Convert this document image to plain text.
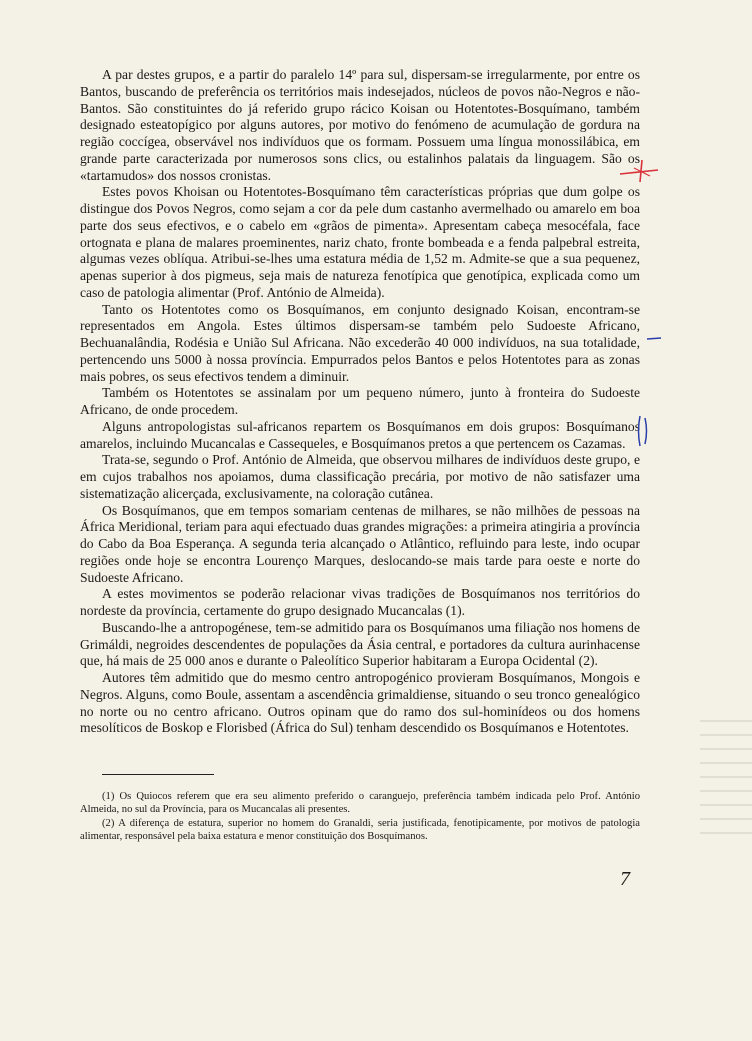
A par destes grupos, e a partir do paralelo 14º para sul, dispersam-se irregularmente, por entre os Bantos, buscando de preferência os territórios mais indesejados, núcleos de povos não-Negros e não-Bantos. São constituintes do já referido grupo rácico Koisan ou Hotentotes-Bosquímano, também designado esteatopígico por alguns autores, por motivo do fenómeno de acumulação de gordura na região coccígea, observável nos indivíduos que os formam. Possuem uma língua monossilábica, em grande parte caracterizada por numerosos sons clics, ou estalinhos palatais da linguagem. São os «tartamudos» dos nossos cronistas.

Estes povos Khoisan ou Hotentotes-Bosquímano têm características próprias que dum golpe os distingue dos Povos Negros, como sejam a cor da pele dum castanho avermelhado ou amarelo em boa parte dos seus efectivos, e o cabelo em «grãos de pimenta». Apresentam cabeça mesocéfala, face ortognata e plana de malares proeminentes, nariz chato, fronte bombeada e a fenda palpebral estreita, algumas vezes oblíqua. Atribui-se-lhes uma estatura média de 1,52 m. Admite-se que a sua pequenez, apenas superior à dos pigmeus, seja mais de natureza fenotípica que genotípica, explicada como um caso de patologia alimentar (Prof. António de Almeida).

Tanto os Hotentotes como os Bosquímanos, em conjunto designado Koisan, encontram-se representados em Angola. Estes últimos dispersam-se também pelo Sudoeste Africano, Bechuanalândia, Rodésia e União Sul Africana. Não excederão 40 000 indivíduos, na sua totalidade, pertencendo uns 5000 à nossa província. Empurrados pelos Bantos e pelos Hotentotes para as zonas mais pobres, os seus efectivos tendem a diminuir.

Também os Hotentotes se assinalam por um pequeno número, junto à fronteira do Sudoeste Africano, de onde procedem.

Alguns antropologistas sul-africanos repartem os Bosquímanos em dois grupos: Bosquímanos amarelos, incluindo Mucancalas e Cassequeles, e Bosquímanos pretos a que pertencem os Cazamas.

Trata-se, segundo o Prof. António de Almeida, que observou milhares de indivíduos deste grupo, e em cujos trabalhos nos apoiamos, duma classificação precária, por motivo de não satisfazer uma sistematização alicerçada, exclusivamente, na coloração cutânea.

Os Bosquímanos, que em tempos somariam centenas de milhares, se não milhões de pessoas na África Meridional, teriam para aqui efectuado duas grandes migrações: a primeira atingiria a província do Cabo da Boa Esperança. A segunda teria alcançado o Atlântico, refluindo para leste, indo ocupar regiões onde hoje se encontra Lourenço Marques, deslocando-se mais tarde para oeste e norte do Sudoeste Africano.

A estes movimentos se poderão relacionar vivas tradições de Bosquímanos nos territórios do nordeste da província, certamente do grupo designado Mucancalas (1).

Buscando-lhe a antropogénese, tem-se admitido para os Bosquímanos uma filiação nos homens de Grimáldi, negroides descendentes de populações da Ásia central, e portadores da cultura aurinhacense que, há mais de 25 000 anos e durante o Paleolítico Superior habitaram a Europa Ocidental (2).

Autores têm admitido que do mesmo centro antropogénico provieram Bosquímanos, Mongois e Negros. Alguns, como Boule, assentam a ascendência grimaldiense, situando o seu tronco genealógico no norte ou no centro africano. Outros opinam que do ramo dos sul-hominídeos ou dos homens mesolíticos de Boskop e Florisbed (África do Sul) tenham descendido os Bosquímanos e Hotentotes.

(1) Os Quiocos referem que era seu alimento preferido o caranguejo, preferência também indicada pelo Prof. António Almeida, no sul da Província, para os Mucancalas ali presentes.

(2) A diferença de estatura, superior no homem do Granaldi, seria justificada, fenotipicamente, por motivos de patologia alimentar, responsável pela baixa estatura e menor constituição dos Bosquímanos.

7
